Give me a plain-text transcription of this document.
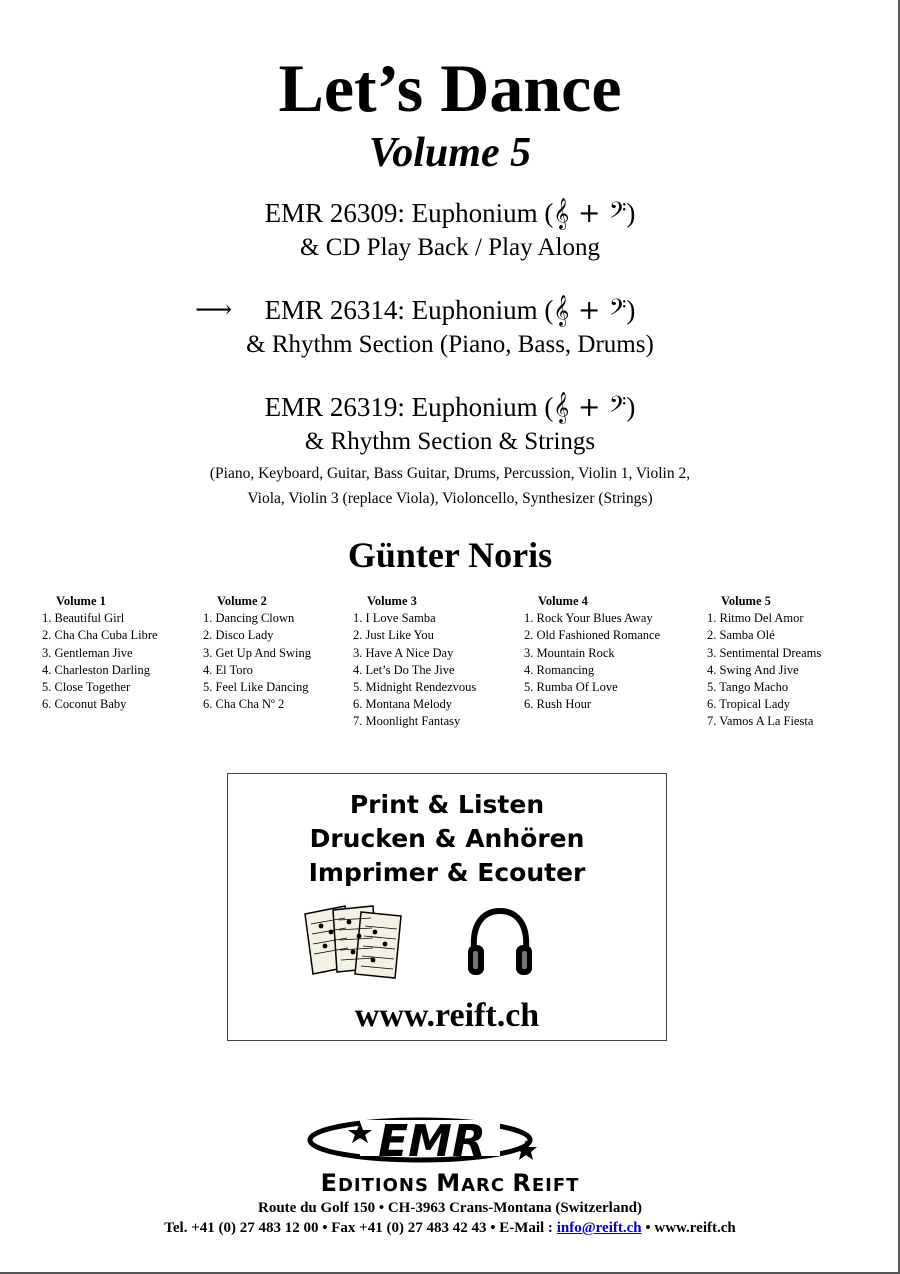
Let’s Dance
Volume 5
EMR 26309: Euphonium (𝄞 + 𝄢)
& CD Play Back / Play Along
⟶ EMR 26314: Euphonium (𝄞 + 𝄢)
& Rhythm Section (Piano, Bass, Drums)
EMR 26319: Euphonium (𝄞 + 𝄢)
& Rhythm Section & Strings
(Piano, Keyboard, Guitar, Bass Guitar, Drums, Percussion, Violin 1, Violin 2,
Viola, Violin 3 (replace Viola), Violoncello, Synthesizer (Strings)
Günter Noris
Volume 1
1. Beautiful Girl
2. Cha Cha Cuba Libre
3. Gentleman Jive
4. Charleston Darling
5. Close Together
6. Coconut Baby
Volume 2
1. Dancing Clown
2. Disco Lady
3. Get Up And Swing
4. El Toro
5. Feel Like Dancing
6. Cha Cha Nº 2
Volume 3
1. I Love Samba
2. Just Like You
3. Have A Nice Day
4. Let’s Do The Jive
5. Midnight Rendezvous
6. Montana Melody
7. Moonlight Fantasy
Volume 4
1. Rock Your Blues Away
2. Old Fashioned Romance
3. Mountain Rock
4. Romancing
5. Rumba Of Love
6. Rush Hour
Volume 5
1. Ritmo Del Amor
2. Samba Olé
3. Sentimental Dreams
4. Swing And Jive
5. Tango Macho
6. Tropical Lady
7. Vamos A La Fiesta
Print & Listen
Drucken & Anhören
Imprimer & Ecouter
www.reift.ch
EMR
EDITIONS MARC REIFT
Route du Golf 150 • CH-3963 Crans-Montana (Switzerland)
Tel. +41 (0) 27 483 12 00 • Fax +41 (0) 27 483 42 43 • E-Mail : info@reift.ch • www.reift.ch
